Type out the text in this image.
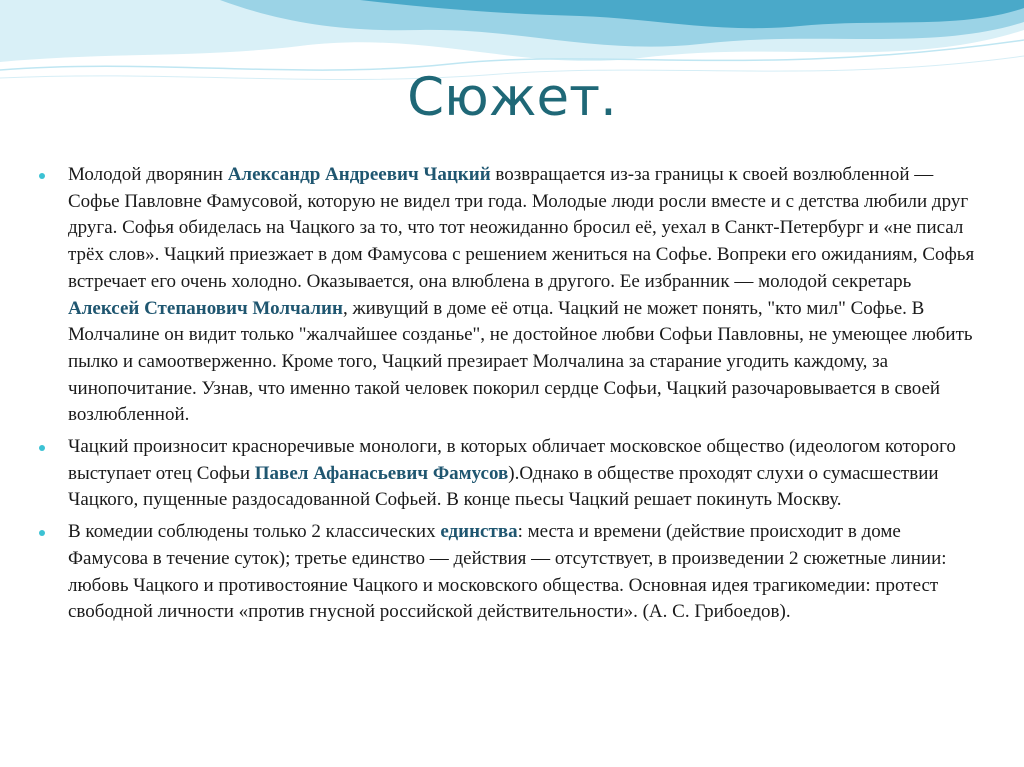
Сюжет.
Молодой дворянин Александр Андреевич Чацкий возвращается из-за границы к своей возлюбленной — Софье Павловне Фамусовой, которую не видел три года. Молодые люди росли вместе и с детства любили друг друга. Софья обиделась на Чацкого за то, что тот неожиданно бросил её, уехал в Санкт-Петербург и «не писал трёх слов». Чацкий приезжает в дом Фамусова с решением жениться на Софье. Вопреки его ожиданиям, Софья встречает его очень холодно. Оказывается, она влюблена в другого. Ее избранник — молодой секретарь Алексей Степанович Молчалин, живущий в доме её отца. Чацкий не может понять, "кто мил" Софье. В Молчалине он видит только "жалчайшее созданье", не достойное любви Софьи Павловны, не умеющее любить пылко и самоотверженно. Кроме того, Чацкий презирает Молчалина за старание угодить каждому, за чинопочитание. Узнав, что именно такой человек покорил сердце Софьи, Чацкий разочаровывается в своей возлюбленной.
Чацкий произносит красноречивые монологи, в которых обличает московское общество (идеологом которого выступает отец Софьи Павел Афанасьевич Фамусов).Однако в обществе проходят слухи о сумасшествии Чацкого, пущенные раздосадованной Софьей. В конце пьесы Чацкий решает покинуть Москву.
В комедии соблюдены только 2 классических единства: места и времени (действие происходит в доме Фамусова в течение суток); третье единство — действия — отсутствует, в произведении 2 сюжетные линии: любовь Чацкого и противостояние Чацкого и московского общества. Основная идея трагикомедии: протест свободной личности «против гнусной российской действительности». (А. С. Грибоедов).
